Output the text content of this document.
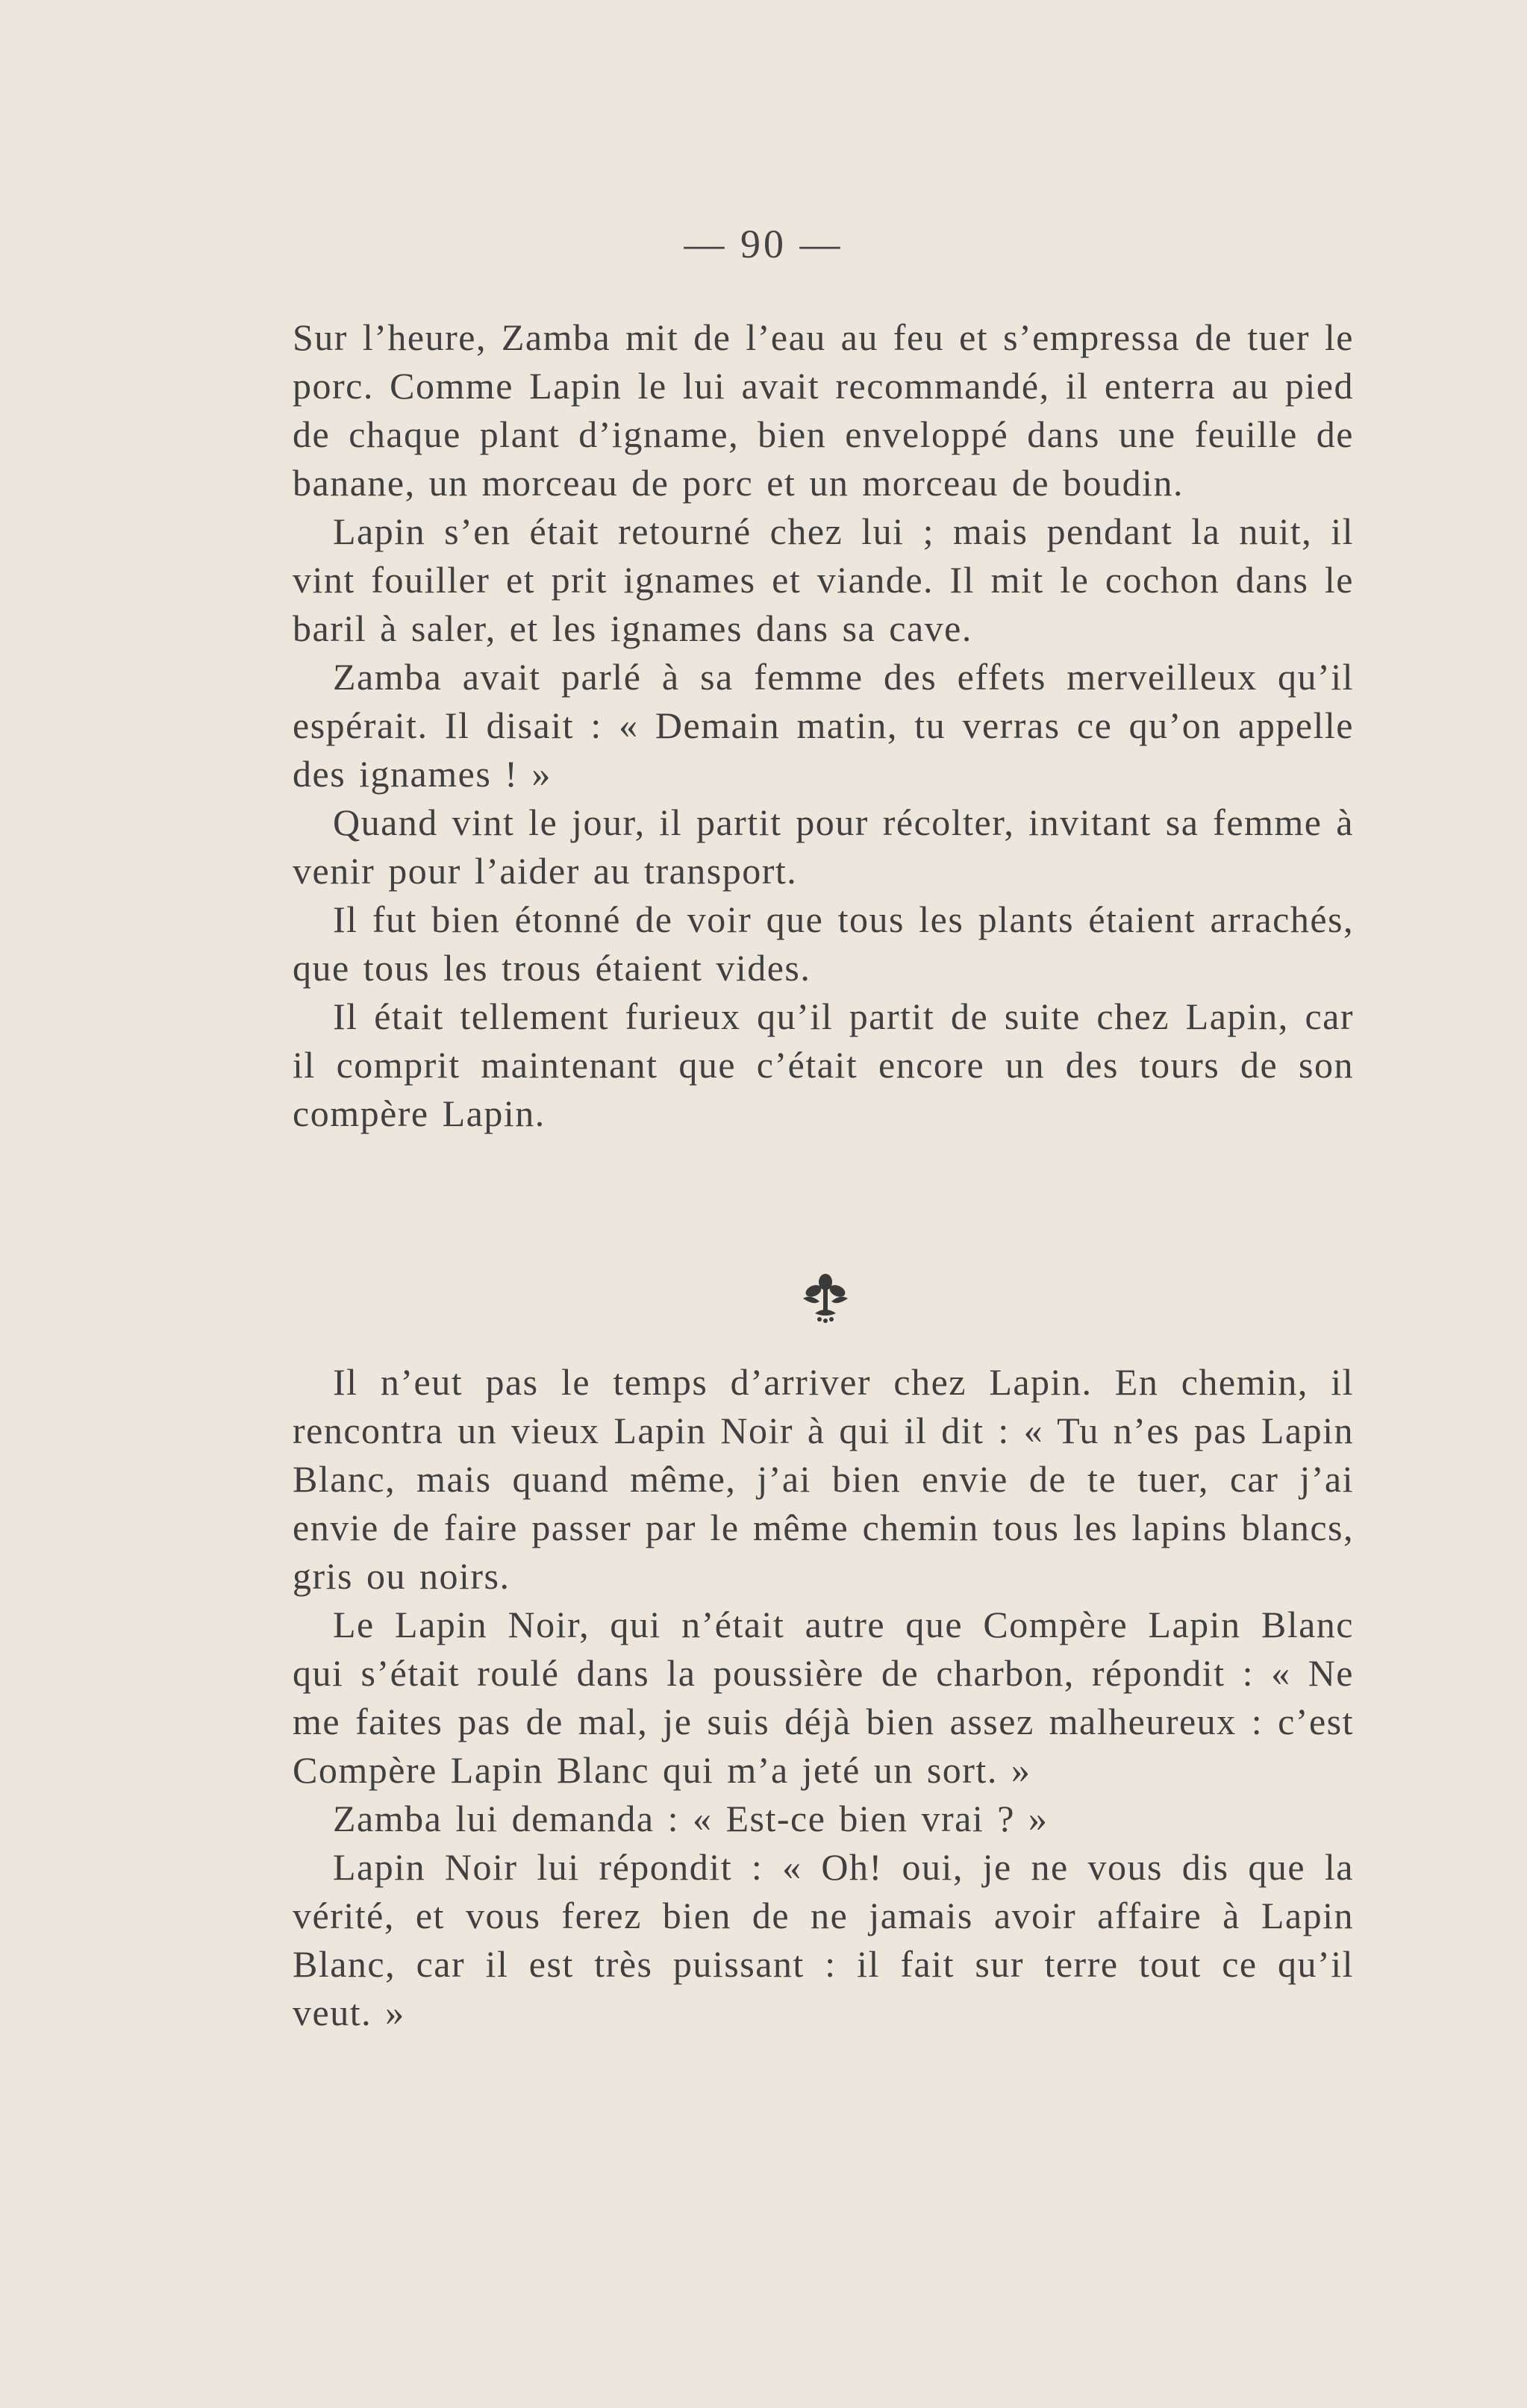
— 90 —

Sur l’heure, Zamba mit de l’eau au feu et s’empressa de tuer le porc. Comme Lapin le lui avait recommandé, il enterra au pied de chaque plant d’igname, bien enveloppé dans une feuille de banane, un morceau de porc et un morceau de boudin.

Lapin s’en était retourné chez lui ; mais pendant la nuit, il vint fouiller et prit ignames et viande. Il mit le cochon dans le baril à saler, et les ignames dans sa cave.

Zamba avait parlé à sa femme des effets merveilleux qu’il espérait. Il disait : « Demain matin, tu verras ce qu’on appelle des ignames ! »

Quand vint le jour, il partit pour récolter, invitant sa femme à venir pour l’aider au transport.

Il fut bien étonné de voir que tous les plants étaient arrachés, que tous les trous étaient vides.

Il était tellement furieux qu’il partit de suite chez Lapin, car il comprit maintenant que c’était encore un des tours de son compère Lapin.

Il n’eut pas le temps d’arriver chez Lapin. En chemin, il rencontra un vieux Lapin Noir à qui il dit : « Tu n’es pas Lapin Blanc, mais quand même, j’ai bien envie de te tuer, car j’ai envie de faire passer par le même chemin tous les lapins blancs, gris ou noirs.

Le Lapin Noir, qui n’était autre que Compère Lapin Blanc qui s’était roulé dans la poussière de charbon, répondit : « Ne me faites pas de mal, je suis déjà bien assez malheureux : c’est Compère Lapin Blanc qui m’a jeté un sort. »

Zamba lui demanda : « Est-ce bien vrai ? »

Lapin Noir lui répondit : « Oh! oui, je ne vous dis que la vérité, et vous ferez bien de ne jamais avoir affaire à Lapin Blanc, car il est très puissant : il fait sur terre tout ce qu’il veut. »
